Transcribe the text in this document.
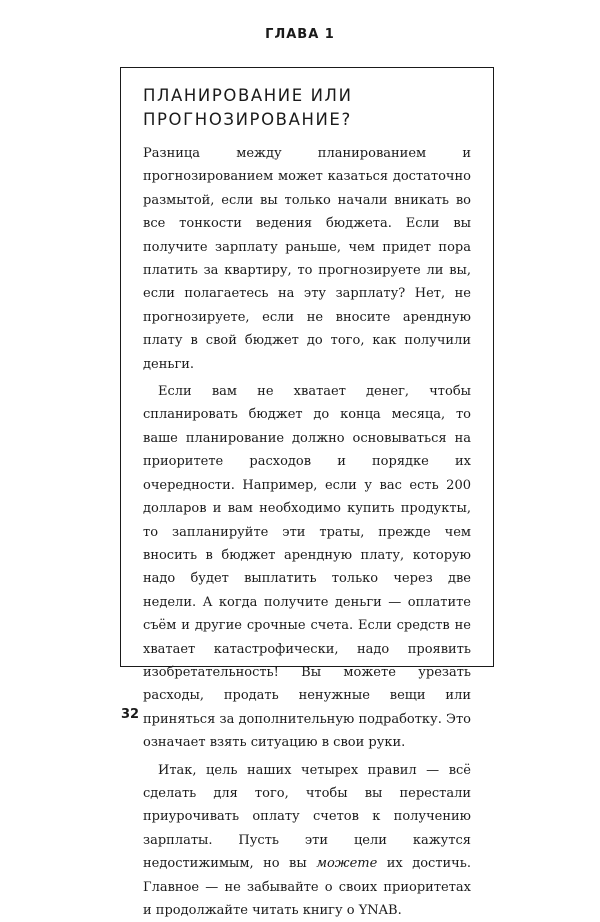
ГЛАВА 1
ПЛАНИРОВАНИЕ ИЛИ ПРОГНОЗИРОВАНИЕ?

Разница между планированием и прогнозированием может казаться достаточно размытой, если вы только начали вникать во все тонкости ведения бюджета. Если вы получите зарплату раньше, чем придет пора платить за квартиру, то прогнозируете ли вы, если полагаетесь на эту зарплату? Нет, не прогнозируете, если не вносите арендную плату в свой бюджет до того, как получили деньги.

Если вам не хватает денег, чтобы спланировать бюджет до конца месяца, то ваше планирование должно основываться на приоритете расходов и порядке их очередности. Например, если у вас есть 200 долларов и вам необходимо купить продукты, то запланируйте эти траты, прежде чем вносить в бюджет арендную плату, которую надо будет выплатить только через две недели. А когда получите деньги — оплатите съём и другие срочные счета. Если средств не хватает катастрофически, надо проявить изобретательность! Вы можете урезать расходы, продать ненужные вещи или приняться за дополнительную подработку. Это означает взять ситуацию в свои руки.

Итак, цель наших четырех правил — всё сделать для того, чтобы вы перестали приурочивать оплату счетов к получению зарплаты. Пусть эти цели кажутся недостижимым, но вы можете их достичь. Главное — не забывайте о своих приоритетах и продолжайте читать книгу о YNAB.

32
